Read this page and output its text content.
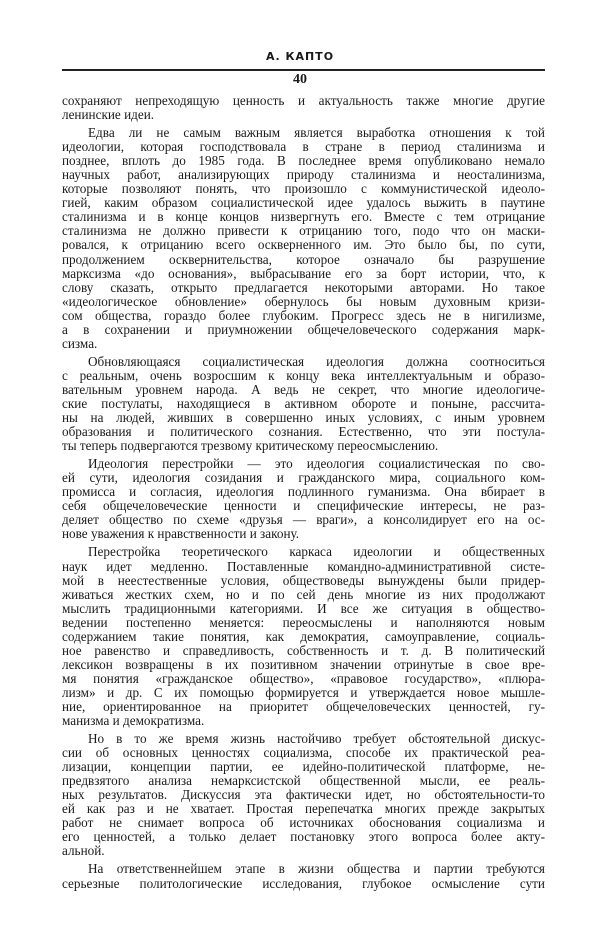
А. КАПТО
40
сохраняют непреходящую ценность и актуальность также многие другие
ленинские идеи.
Едва ли не самым важным является выработка отношения к той
идеологии, которая господствовала в стране в период сталинизма и
позднее, вплоть до 1985 года. В последнее время опубликовано немало
научных работ, анализирующих природу сталинизма и неосталинизма,
которые позволяют понять, что произошло с коммунистической идеоло-
гией, каким образом социалистической идее удалось выжить в паутине
сталинизма и в конце концов низвергнуть его. Вместе с тем отрицание
сталинизма не должно привести к отрицанию того, подо что он маски-
ровался, к отрицанию всего оскверненного им. Это было бы, по сути,
продолжением осквернительства, которое означало бы разрушение
марксизма «до основания», выбрасывание его за борт истории, что, к
слову сказать, открыто предлагается некоторыми авторами. Но такое
«идеологическое обновление» обернулось бы новым духовным кризи-
сом общества, гораздо более глубоким. Прогресс здесь не в нигилизме,
а в сохранении и приумножении общечеловеческого содержания марк-
сизма.
Обновляющаяся социалистическая идеология должна соотноситься
с реальным, очень возросшим к концу века интеллектуальным и образо-
вательным уровнем народа. А ведь не секрет, что многие идеологиче-
ские постулаты, находящиеся в активном обороте и поныне, рассчита-
ны на людей, живших в совершенно иных условиях, с иным уровнем
образования и политического сознания. Естественно, что эти постула-
ты теперь подвергаются трезвому критическому переосмыслению.
Идеология перестройки — это идеология социалистическая по сво-
ей сути, идеология созидания и гражданского мира, социального ком-
промисса и согласия, идеология подлинного гуманизма. Она вбирает в
себя общечеловеческие ценности и специфические интересы, не раз-
деляет общество по схеме «друзья — враги», а консолидирует его на ос-
нове уважения к нравственности и закону.
Перестройка теоретического каркаса идеологии и общественных
наук идет медленно. Поставленные командно-административной систе-
мой в неестественные условия, обществоведы вынуждены были придер-
живаться жестких схем, но и по сей день многие из них продолжают
мыслить традиционными категориями. И все же ситуация в общество-
ведении постепенно меняется: переосмыслены и наполняются новым
содержанием такие понятия, как демократия, самоуправление, социаль-
ное равенство и справедливость, собственность и т. д. В политический
лексикон возвращены в их позитивном значении отринутые в свое вре-
мя понятия «гражданское общество», «правовое государство», «плюра-
лизм» и др. С их помощью формируется и утверждается новое мышле-
ние, ориентированное на приоритет общечеловеческих ценностей, гу-
манизма и демократизма.
Но в то же время жизнь настойчиво требует обстоятельной дискус-
сии об основных ценностях социализма, способе их практической реа-
лизации, концепции партии, ее идейно-политической платформе, не-
предвзятого анализа немарксистской общественной мысли, ее реаль-
ных результатов. Дискуссия эта фактически идет, но обстоятельности-то
ей как раз и не хватает. Простая перепечатка многих прежде закрытых
работ не снимает вопроса об источниках обоснования социализма и
его ценностей, а только делает постановку этого вопроса более акту-
альной.
На ответственнейшем этапе в жизни общества и партии требуются
серьезные политологические исследования, глубокое осмысление сути
